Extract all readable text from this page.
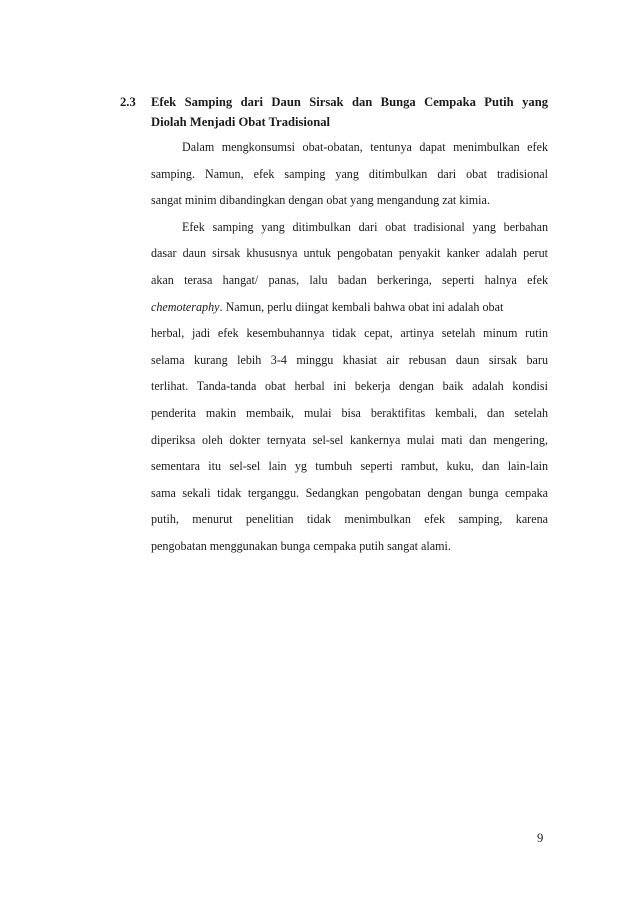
2.3 Efek Samping dari Daun Sirsak dan Bunga Cempaka Putih yang
Diolah Menjadi Obat Tradisional
Dalam mengkonsumsi obat-obatan, tentunya dapat menimbulkan efek
samping. Namun, efek samping yang ditimbulkan dari obat tradisional
sangat minim dibandingkan dengan obat yang mengandung zat kimia.
Efek samping yang ditimbulkan dari obat tradisional yang berbahan
dasar daun sirsak khususnya untuk pengobatan penyakit kanker adalah perut
akan terasa hangat/ panas, lalu badan berkeringa, seperti halnya efek
chemoteraphy. Namun, perlu diingat kembali bahwa obat ini adalah obat
herbal, jadi efek kesembuhannya tidak cepat, artinya setelah minum rutin
selama kurang lebih 3-4 minggu khasiat air rebusan daun sirsak baru
terlihat. Tanda-tanda obat herbal ini bekerja dengan baik adalah kondisi
penderita makin membaik, mulai bisa beraktifitas kembali, dan setelah
diperiksa oleh dokter ternyata sel-sel kankernya mulai mati dan mengering,
sementara itu sel-sel lain yg tumbuh seperti rambut, kuku, dan lain-lain
sama sekali tidak terganggu. Sedangkan pengobatan dengan bunga cempaka
putih, menurut penelitian tidak menimbulkan efek samping, karena
pengobatan menggunakan bunga cempaka putih sangat alami.
9
